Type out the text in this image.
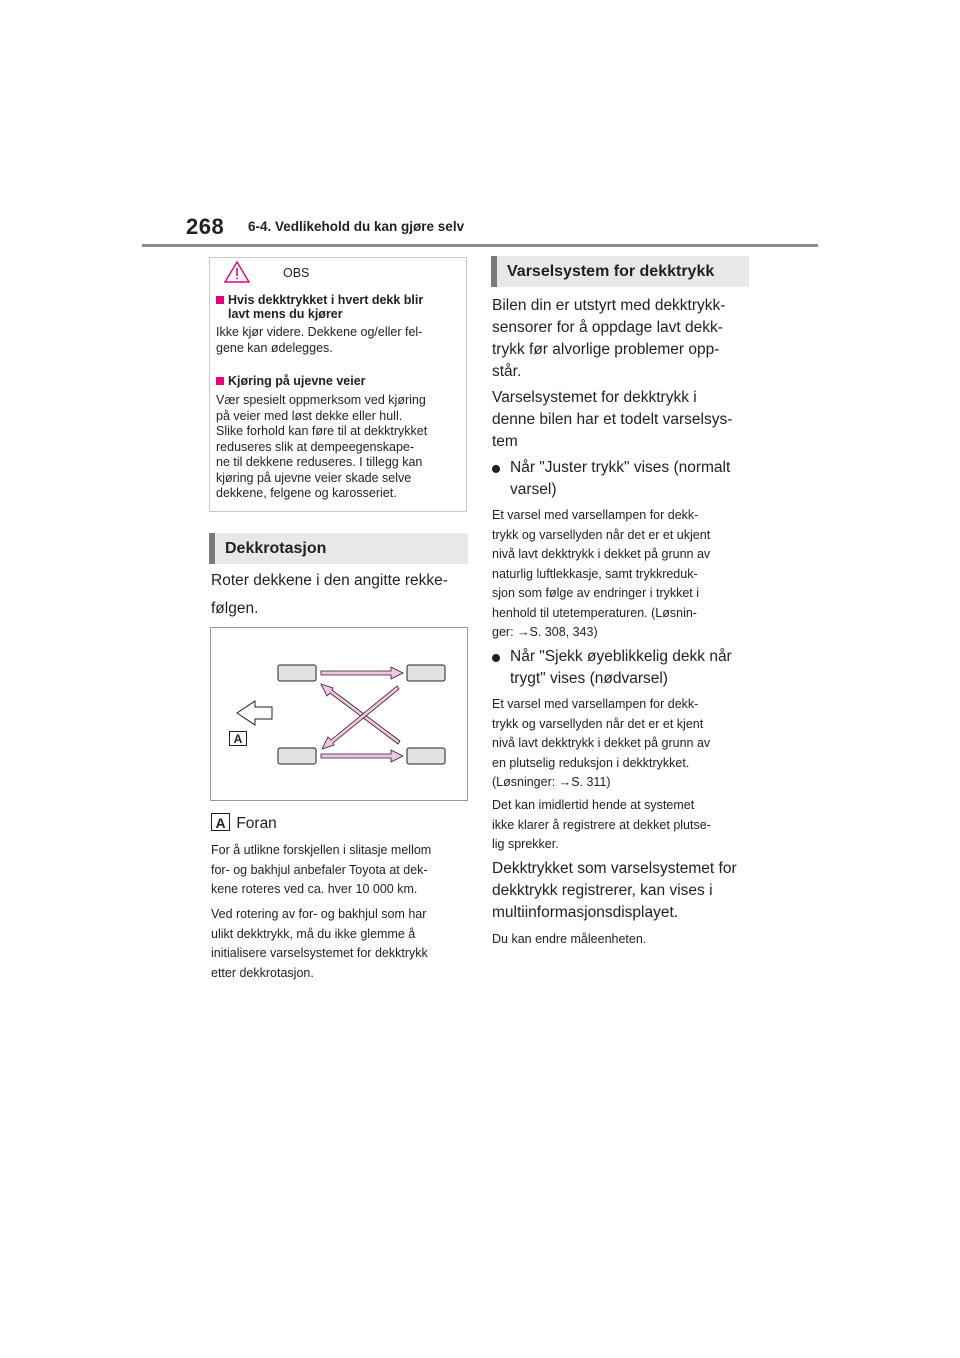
268 6-4. Vedlikehold du kan gjøre selv
OBS
Hvis dekktrykket i hvert dekk blir
lavt mens du kjører
Ikke kjør videre. Dekkene og/eller fel-
gene kan ødelegges.
Kjøring på ujevne veier
Vær spesielt oppmerksom ved kjøring
på veier med løst dekke eller hull.
Slike forhold kan føre til at dekktrykket
reduseres slik at dempeegenskape-
ne til dekkene reduseres. I tillegg kan
kjøring på ujevne veier skade selve
dekkene, felgene og karosseriet.
Dekkrotasjon
Roter dekkene i den angitte rekke-
følgen.
A
A Foran
For å utlikne forskjellen i slitasje mellom
for- og bakhjul anbefaler Toyota at dek-
kene roteres ved ca. hver 10 000 km.
Ved rotering av for- og bakhjul som har
ulikt dekktrykk, må du ikke glemme å
initialisere varselsystemet for dekktrykk
etter dekkrotasjon.
Varselsystem for dekktrykk
Bilen din er utstyrt med dekktrykk-
sensorer for å oppdage lavt dekk-
trykk før alvorlige problemer opp-
står.
Varselsystemet for dekktrykk i
denne bilen har et todelt varselsys-
tem
Når "Juster trykk" vises (normalt
varsel)
Et varsel med varsellampen for dekk-
trykk og varsellyden når det er et ukjent
nivå lavt dekktrykk i dekket på grunn av
naturlig luftlekkasje, samt trykkreduk-
sjon som følge av endringer i trykket i
henhold til utetemperaturen. (Løsnin-
ger: →S. 308, 343)
Når "Sjekk øyeblikkelig dekk når
trygt" vises (nødvarsel)
Et varsel med varsellampen for dekk-
trykk og varsellyden når det er et kjent
nivå lavt dekktrykk i dekket på grunn av
en plutselig reduksjon i dekktrykket.
(Løsninger: →S. 311)
Det kan imidlertid hende at systemet
ikke klarer å registrere at dekket plutse-
lig sprekker.
Dekktrykket som varselsystemet for
dekktrykk registrerer, kan vises i
multiinformasjonsdisplayet.
Du kan endre måleenheten.
